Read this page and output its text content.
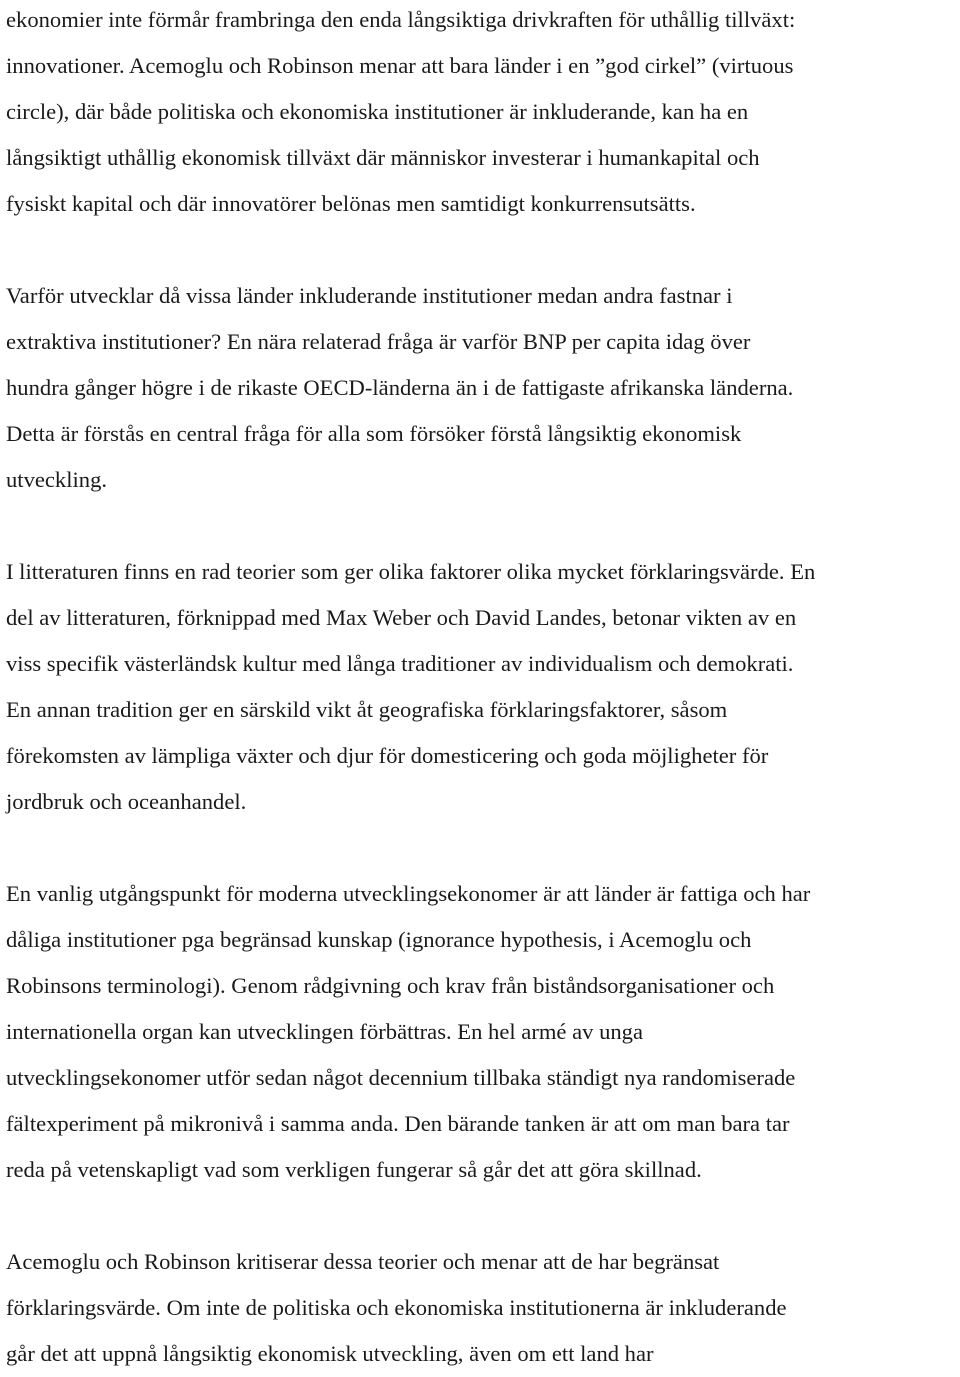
ekonomier inte förmår frambringa den enda långsiktiga drivkraften för uthållig tillväxt:
innovationer. Acemoglu och Robinson menar att bara länder i en ”god cirkel” (virtuous
circle), där både politiska och ekonomiska institutioner är inkluderande, kan ha en
långsiktigt uthållig ekonomisk tillväxt där människor investerar i humankapital och
fysiskt kapital och där innovatörer belönas men samtidigt konkurrensutsätts.

Varför utvecklar då vissa länder inkluderande institutioner medan andra fastnar i
extraktiva institutioner? En nära relaterad fråga är varför BNP per capita idag över
hundra gånger högre i de rikaste OECD-länderna än i de fattigaste afrikanska länderna.
Detta är förstås en central fråga för alla som försöker förstå långsiktig ekonomisk
utveckling.

I litteraturen finns en rad teorier som ger olika faktorer olika mycket förklaringsvärde. En
del av litteraturen, förknippad med Max Weber och David Landes, betonar vikten av en
viss specifik västerländsk kultur med långa traditioner av individualism och demokrati.
En annan tradition ger en särskild vikt åt geografiska förklaringsfaktorer, såsom
förekomsten av lämpliga växter och djur för domesticering och goda möjligheter för
jordbruk och oceanhandel.

En vanlig utgångspunkt för moderna utvecklingsekonomer är att länder är fattiga och har
dåliga institutioner pga begränsad kunskap (ignorance hypothesis, i Acemoglu och
Robinsons terminologi). Genom rådgivning och krav från biståndsorganisationer och
internationella organ kan utvecklingen förbättras. En hel armé av unga
utvecklingsekonomer utför sedan något decennium tillbaka ständigt nya randomiserade
fältexperiment på mikronivå i samma anda. Den bärande tanken är att om man bara tar
reda på vetenskapligt vad som verkligen fungerar så går det att göra skillnad.

Acemoglu och Robinson kritiserar dessa teorier och menar att de har begränsat
förklaringsvärde. Om inte de politiska och ekonomiska institutionerna är inkluderande
går det att uppnå långsiktig ekonomisk utveckling, även om ett land har
